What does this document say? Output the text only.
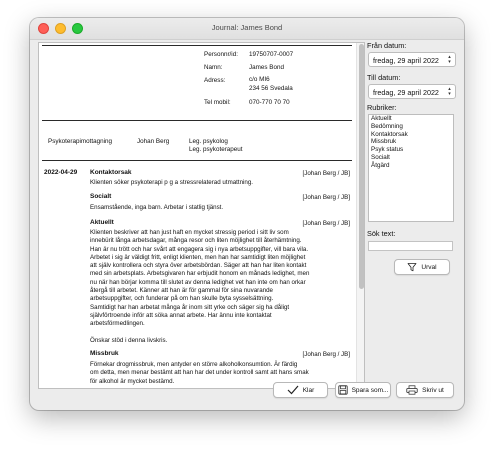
Journal: James Bond
Personnr/id: 19750707-0007
Namn:	James Bond
Adress:	c/o MI6
234 56 Svedala
Tel mobil:	070-770 70 70
Psykoterapimottagning	Johan Berg	Leg. psykolog
Leg. psykoterapeut
2022-04-29 Kontaktorsak	[Johan Berg / JB]
Klienten söker psykoterapi p g a stressrelaterad utmattning.
Socialt	[Johan Berg / JB]
Ensamstående, inga barn. Arbetar i statlig tjänst.
Aktuellt	[Johan Berg / JB]
Klienten beskriver att han just haft en mycket stressig period i sitt liv som
innebürit långa arbetsdagar, många resor och liten möjlighet till återhämtning.
Han är nu trött och har svårt att engagera sig i nya arbetsuppgifter, vill bara vila.
Arbetet i sig är väldigt fritt, enligt klienten, men han har samtidigt liten möjlighet
att själv kontrollera och styra över arbetsbördan. Säger att han har liten kontakt
med sin arbetsplats. Arbetsgivaren har erbjudit honom en månads ledighet, men
nu när han börjar komma till slutet av denna ledighet vet han inte om han orkar
återgå till arbetet. Känner att han är för gammal för sina nuvarande
arbetsuppgifter, och funderar på om han skulle byta sysselsättning.
Samtidigt har han arbetat många år inom sitt yrke och säger sig ha dåligt
självförtroende inför att söka annat arbete. Har ännu inte kontaktat
arbetsförmedlingen.

Önskar stöd i denna livskris.
Missbruk	[Johan Berg / JB]
Förnekar drogmissbruk, men antyder en större alkoholkonsumtion. Är färdig
om detta, men menar bestämt att han har det under kontroll samt att hans smak
för alkohol är mycket bestämd.
Från datum:
fredag, 29 april 2022 ▴
▾
Till datum:
fredag, 29 april 2022 ▴
▾
Rubriker:
Aktuellt
Bedömning
Kontaktorsak
Missbruk
Psyk status
Socialt
Åtgärd
Sök text:
Urval
Klar	Spara som...	Skriv ut
